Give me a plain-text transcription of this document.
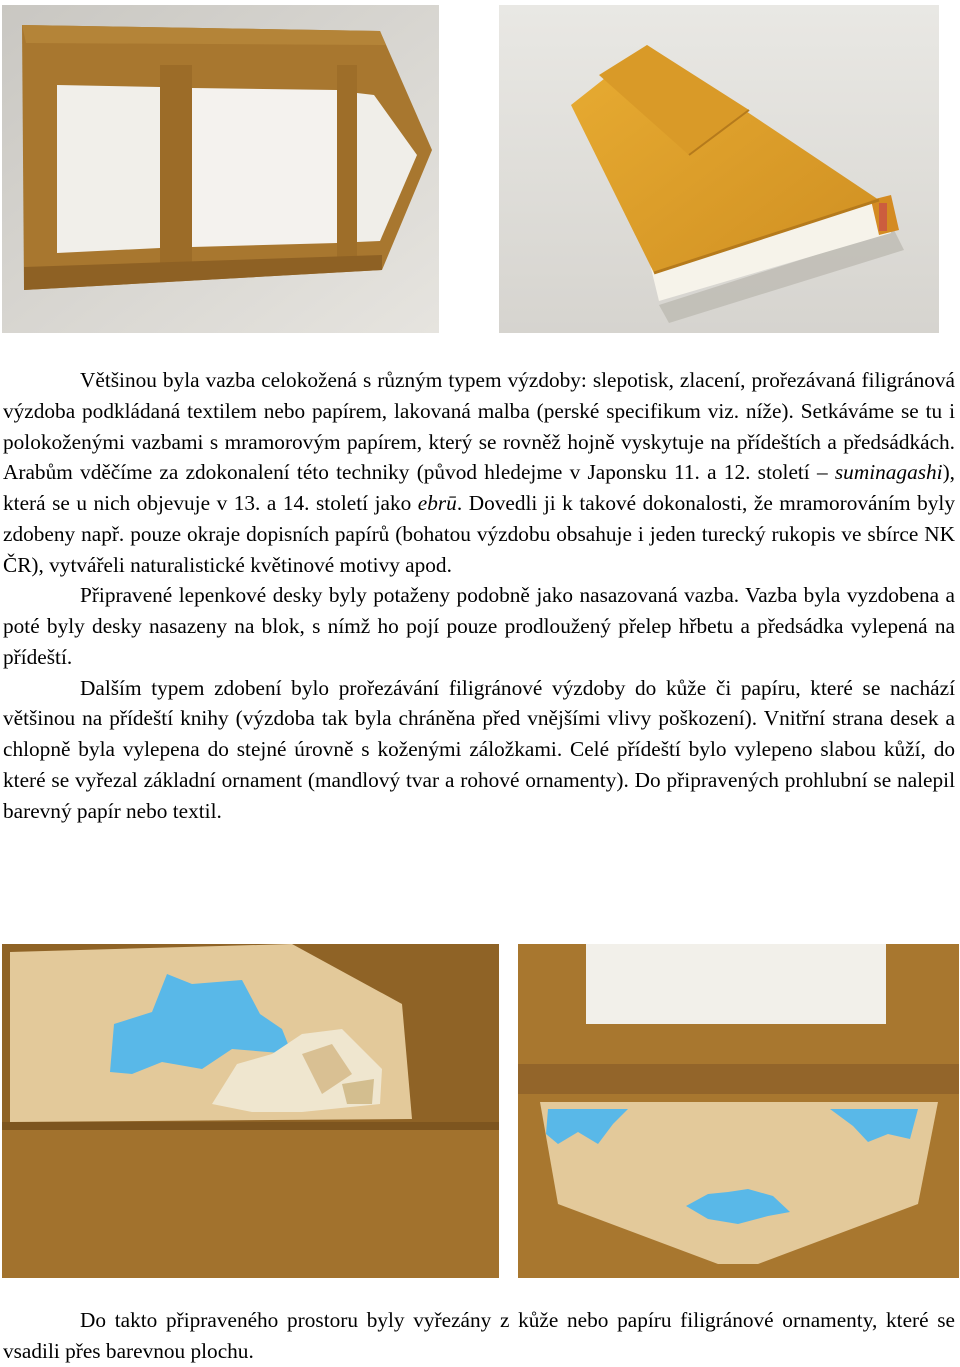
Většinou byla vazba celokožená s různým typem výzdoby: slepotisk, zlacení, prořezávaná filigránová výzdoba podkládaná textilem nebo papírem, lakovaná malba (perské specifikum viz. níže). Setkáváme se tu i polokoženými vazbami s mramorovým papírem, který se rovněž hojně vyskytuje na přídeštích a předsádkách. Arabům vděčíme za zdokonalení této techniky (původ hledejme v Japonsku 11. a 12. století – suminagashi), která se u nich objevuje v 13. a 14. století jako ebrū. Dovedli ji k takové dokonalosti, že mramorováním byly zdobeny např. pouze okraje dopisních papírů (bohatou výzdobu obsahuje i jeden turecký rukopis ve sbírce NK ČR), vytvářeli naturalistické květinové motivy apod.

Připravené lepenkové desky byly potaženy podobně jako nasazovaná vazba. Vazba byla vyzdobena a poté byly desky nasazeny na blok, s nímž ho pojí pouze prodloužený přelep hřbetu a předsádka vylepená na přídeští.

Dalším typem zdobení bylo prořezávání filigránové výzdoby do kůže či papíru, které se nachází většinou na přídeští knihy (výzdoba tak byla chráněna před vnějšími vlivy poškození). Vnitřní strana desek a chlopně byla vylepena do stejné úrovně s koženými záložkami. Celé přídeští bylo vylepeno slabou kůží, do které se vyřezal základní ornament (mandlový tvar a rohové ornamenty). Do připravených prohlubní se nalepil barevný papír nebo textil.

Do takto připraveného prostoru byly vyřezány z kůže nebo papíru filigránové ornamenty, které se vsadili přes barevnou plochu.
